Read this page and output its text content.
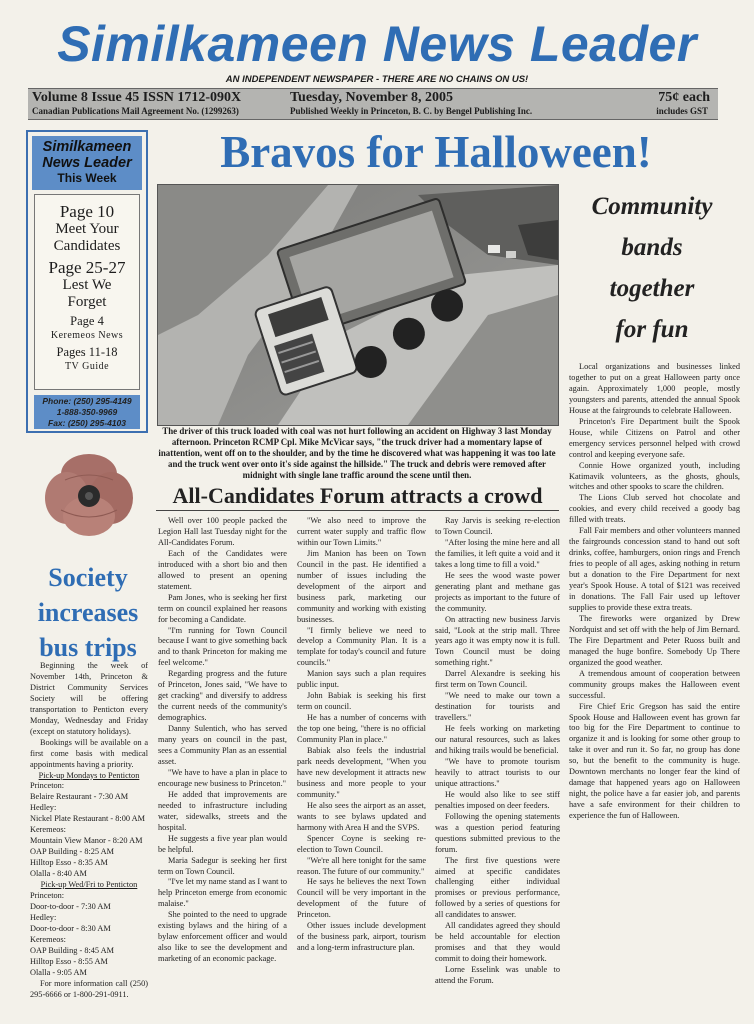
Similkameen News Leader
AN INDEPENDENT NEWSPAPER - THERE ARE NO CHAINS ON US!
Volume 8 Issue 45 ISSN 1712-090X	Tuesday, November 8, 2005	75¢ each
Canadian Publications Mail Agreement No. (1299263)	Published Weekly in Princeton, B. C. by Bengel Publishing Inc.	includes GST
Similkameen
News Leader
This Week
Page 10
Meet Your
Candidates
Page 25-27
Lest We
Forget
Page 4
Keremeos News
Pages 11-18
TV Guide
Phone: (250) 295-4149
1-888-350-9969
Fax: (250) 295-4103
Bravos for Halloween!
The driver of this truck loaded with coal was not hurt following an accident on Highway 3 last Monday afternoon. Princeton RCMP Cpl. Mike McVicar says, "the truck driver had a momentary lapse of inattention, went off on to the shoulder, and by the time he discovered what was happening it was too late and the truck went over onto it's side against the hillside." The truck and debris were removed after midnight with single lane traffic around the scene until then.
Community
bands
together
for fun

Local organizations and businesses linked together to put on a great Halloween party once again. Approximately 1,000 people, mostly youngsters and parents, attended the annual Spook House at the fairgrounds to celebrate Halloween.

Princeton's Fire Department built the Spook House, while Citizens on Patrol and other emergency services personnel helped with crowd control and keeping everyone safe.

Connie Howe organized youth, including Katimavik volunteers, as the ghosts, ghouls, witches and other spooks to scare the children.

The Lions Club served hot chocolate and cookies, and every child received a goody bag filled with treats.

Fall Fair members and other volunteers manned the fairgrounds concession stand to hand out soft drinks, coffee, hamburgers, onion rings and French fries to people of all ages, asking nothing in return but a donation to the Fire Department for next year's Spook House. A total of $121 was received in donations. The Fall Fair used up leftover supplies to provide these extra treats.

The fireworks were organized by Drew Nordquist and set off with the help of Jim Bernard. The Fire Department and Peter Ruoss built and managed the huge bonfire. Somebody Up There organized the good weather.

A tremendous amount of cooperation between community groups makes the Halloween event successful.

Fire Chief Eric Gregson has said the entire Spook House and Halloween event has grown far too big for the Fire Department to continue to organize it and is looking for some other group to take it over and run it. So far, no group has done so, but the benefit to the community is huge. Downtown merchants no longer fear the kind of damage that happened years ago on Halloween night, the police have a far easier job, and parents have a safe environment for their children to experience the fun of Halloween.

Society
increases
bus trips

Beginning the week of November 14th, Princeton & District Community Services Society will be offering transportation to Penticton every Monday, Wednesday and Friday (except on statutory holidays).

Bookings will be available on a first come basis with medical appointments having a priority.

Pick-up Mondays to Penticton

Princeton:

Belaire Restaurant - 7:30 AM

Hedley:

Nickel Plate Restaurant - 8:00 AM

Keremeos:

Mountain View Manor - 8:20 AM

OAP Building - 8:25 AM

Hilltop Esso - 8:35 AM

Olalla - 8:40 AM

Pick-up Wed/Fri to Penticton

Princeton:

Door-to-door - 7:30 AM

Hedley:

Door-to-door - 8:30 AM

Keremeos:

OAP Building - 8:45 AM

Hilltop Esso - 8:55 AM

Olalla - 9:05 AM

For more information call (250) 295-6666 or 1-800-291-0911.

All-Candidates Forum attracts a crowd

Well over 100 people packed the Legion Hall last Tuesday night for the All-Candidates Forum.

Each of the Candidates were introduced with a short bio and then allowed to present an opening statement.

Pam Jones, who is seeking her first term on council explained her reasons for becoming a Candidate.

"I'm running for Town Council because I want to give something back and to thank Princeton for making me feel welcome."

Regarding progress and the future of Princeton, Jones said, "We have to get cracking" and diversify to address the current needs of the community's demographics.

Danny Sulentich, who has served many years on council in the past, sees a Community Plan as an essential asset.

"We have to have a plan in place to encourage new business to Princeton."

He added that improvements are needed to infrastructure including water, sidewalks, streets and the hospital.

He suggests a five year plan would be helpful.

Maria Sadegur is seeking her first term on Town Council.

"I've let my name stand as I want to help Princeton emerge from economic malaise."

She pointed to the need to upgrade existing bylaws and the hiring of a bylaw enforcement officer and would also like to see the development and marketing of an economic package.

"We also need to improve the current water supply and traffic flow within our Town Limits."

Jim Manion has been on Town Council in the past. He identified a number of issues including the development of the airport and business park, marketing our community and working with existing businesses.

"I firmly believe we need to develop a Community Plan. It is a template for today's council and future councils."

Manion says such a plan requires public input.

John Babiak is seeking his first term on council.

He has a number of concerns with the top one being, "there is no official Community Plan in place."

Babiak also feels the industrial park needs development, "When you have new development it attracts new business and more people to your community."

He also sees the airport as an asset, wants to see bylaws updated and harmony with Area H and the SVPS.

Spencer Coyne is seeking re-election to Town Council.

"We're all here tonight for the same reason. The future of our community."

He says he believes the next Town Council will be very important in the development of the future of Princeton.

Other issues include development of the business park, airport, tourism and a long-term infrastructure plan.

Ray Jarvis is seeking re-election to Town Council.

"After losing the mine here and all the families, it left quite a void and it takes a long time to fill a void."

He sees the wood waste power generating plant and methane gas projects as important to the future of the community.

On attracting new business Jarvis said, "Look at the strip mall. Three years ago it was empty now it is full. Town Council must be doing something right."

Darrel Alexandre is seeking his first term on Town Council.

"We need to make our town a destination for tourists and travellers."

He feels working on marketing our natural resources, such as lakes and hiking trails would be beneficial.

"We have to promote tourism heavily to attract tourists to our unique attractions."

He would also like to see stiff penalties imposed on deer feeders.

Following the opening statements was a question period featuring questions submitted previous to the forum.

The first five questions were aimed at specific candidates challenging either individual promises or previous performance, followed by a series of questions for all candidates to answer.

All candidates agreed they should be held accountable for election promises and that they would commit to doing their homework.

Lorne Esselink was unable to attend the Forum.
